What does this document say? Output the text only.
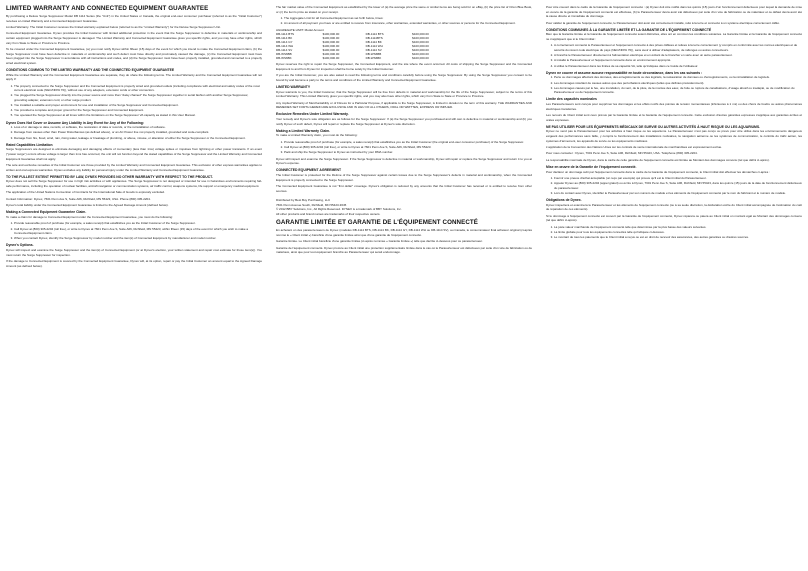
LIMITED WARRANTY AND CONNECTED EQUIPMENT GUARANTEE

By purchasing a Deluxe Surge Suppressor Model DB 1114 Series (the "Unit") in the United States or Canada, the original end-user consumer purchaser (referred to as the "Initial Customer") receives a Limited Warranty and a Connected Equipment Guarantee.

Limited Warranty. The Initial Customer receives the limited warranty explained below (referred to as the "Limited Warranty") for the Deluxe Surge Suppressor Unit.

Connected Equipment Guarantee. Dynex provides the Initial Customer with limited additional protection in the event that the Surge Suppressor is defective in materials or workmanship and certain equipment plugged into the Surge Suppressor is damaged. The Limited Warranty and Connected Equipment Guarantee gives you specific rights, and you may have other rights, which vary from State to State or Province to Province.

To be covered under the Connected Equipment Guarantee, (a) you must notify Dynex within fifteen (15) days of the event for which you intend to make the Connected Equipment claim, (b) the Surge Suppressor must have been defective in materials or workmanship and such defect must have directly and proximately caused the damage, (c) the Connected Equipment must have been plugged into the Surge Suppressor in accordance with all instructions and codes, and (d) the Surge Suppressor must have been properly installed, grounded and connected to a properly wired electrical system.

CONDITIONS COMMON TO THE LIMITED WARRANTY AND THE CONNECTED EQUIPMENT GUARANTEE

While the Limited Warranty and the Connected Equipment Guarantee are separate, they do share the following terms. The Limited Warranty and the Connected Equipment Guarantee will not apply if:

1. The property connected to the Surge Suppressor and the Connected Equipment is properly wired and grounded outlets (including compliance with electrical and safety codes of the most current electrical code (NEC/NFPA 70)), without use of any adapters, extension cords or other connectors.
2. You plugged the Surge Suppressor directly into the power source and more than "daisy chained" the Surge Suppressor together in serial fashion with another Surge Suppressor, grounding adapter, extension cord, or other surge product.
3. You installed a suitable and proper environment for use and installation of the Surge Suppressor and Connected Equipment.
4. You provided a complete and proper ground for the Surge Suppressor and Connected Equipment.
5. You operated the Surge Suppressor at all times within the limitations on the Surge Suppressor VA capacity as stated in this User Manual.
Dynex Does Not Cover or Assume Any Liability in Any Event for Any of the Following:
1. Loss of or damage to data, records, or software, the restoration of data or records, or the reinstallation of software.
2. Damage from causes other than Power Disturbances (as defined above), or an AC Power line not properly installed, grounded and code-compliant.
3. Damage from fire, flood, wind, rain, rising water, leakage or breakage of plumbing, or abuse, misuse, or alteration of either the Surge Suppressor or the Connected Equipment.
Rated Capabilities Limitation

Surge Suppressors are designed to eliminate damaging and damaging effects of momentary (less than 1ms) voltage spikes or impulses from lightning or other power transients. If an event ("power surge") occurs whose voltage is larger than 1ms has occurred, the unit will not function beyond the stated capabilities of the Surge Suppressor and the Limited Warranty and Connected Equipment Guarantee shall not apply.

The sole and exclusive remedies of the Initial Customer are those provided by the Limited Warranty and Connected Equipment Guarantee. This exclusion of other express warranties applies to written and oral express warranties. Dynex excludes any liability for personal injury under the Limited Warranty and Connected Equipment Guarantee.

TO THE FULLEST EXTENT PERMITTED BY LAW, DYNEX PROVIDES NO OTHER WARRANTY WITH RESPECT TO THE PRODUCT.

Dynex does not sell the Surge Suppressor for use in high risk activities or with appliances. The Surge Suppressor is not designed or intended for use in hazardous environments requiring fail-safe performance, including the operation of nuclear facilities, aircraft navigation or communication systems, air traffic control, weapons systems, life support or emergency medical equipment.

The application of the United Nations Convention of Contracts for the International Sale of Goods is expressly excluded.

Contact Information: Dynex, 7601 Penn Ave S, Suite A06, Richfield, MN 55423, USA. Phone (800) 305-2204.

Dynex's total liability under the Connected Equipment Guarantee is limited to the Agreed Damage Amount (defined below).

Making a Connected Equipment Guarantee Claim.

To make a claim for damage to Connected Equipment under the Connected Equipment Guarantee, you must do the following:

1. Provide reasonable proof of purchase (for example, a sales receipt) that establishes you as the Initial Customer of the Surge Suppressor.
2. Call Dynex at (800) 305-2204 (toll free), or write to Dynex at 7601 Penn Ave S, Suite A06, Richfield, MN 55423, within fifteen (15) days of the event for which you wish to make a Connected Equipment claim.
3. When you contact Dynex, identify the Surge Suppressor by model number and the item(s) of Connected Equipment by manufacturer and model number.
Dynex's Options.

Dynex will inspect and examine the Surge Suppressor and the item(s) of Connected Equipment (or at Dynex's election, your written statement and repair cost estimate for those item(s)). You must return the Surge Suppressor for inspection.

If the damage to Connected Equipment is covered by the Connected Equipment Guarantee, Dynex will, at its option, repair or pay the Initial Customer an amount equal to the Agreed Damage Amount (as defined below).

The fair market value of the Connected Equipment as established by the lower of (a) the average price the same or similar items are being sold for on eBay, (b) the price list of Orion Blue Book, or (c) the item's price as stated on your receipt.

1. The Aggregate Limit for all Connected Equipment as set forth below, times:
2. An amount of all payment you have or are entitled to receive from insurance, other warranties, extended warranties, or other sources or persons for the Connected Equipment.
AGGREGATE LIMIT: Model Amount
DB-1114 BTS	$100,000.00	DB-1114 BTS	$100,000.00
DB-1114 BK	$100,000.00	DB-1114BTS	$100,000.00
DB-1114 GY	$100,000.00	DB-1114 BK	$100,000.00
DB-1114 WH	$100,000.00	DB-1114 WH	$100,000.00
DB-1114 SV	$100,000.00	DB-1114 SV	$100,000.00
DB-WS6BB	$100,000.00	DB-WS6BB	$100,000.00
DB-WS6BK	$100,000.00	DB-WS6BK	$100,000.00

Dynex reserves the right to repair the Surge Suppressor, the Connected Equipment, and the site where the event occurred. All costs of shipping the Surge Suppressor and the Connected Equipment to and from Dynex for inspection shall be borne solely by the Initial Customer.

If you are the Initial Customer, you are also asked to read the following terms and conditions carefully before using the Surge Suppressor. By using the Surge Suppressor you consent to be bound by and become a party to the terms and conditions of the Limited Warranty and Connected Equipment Guarantee.

LIMITED WARRANTY

Dynex warrants to you, the Initial Customer, that the Surge Suppressor will be free from defects in material and workmanship for the life of the Surge Suppressor, subject to the terms of this Limited Warranty. This Limited Warranty gives you specific rights, and you may also have other rights, which vary from State to State or Province to Province.

Any implied Warranty of Merchantability or of Fitness for a Particular Purpose, if applicable to the Surge Suppressor, is limited in duration to the term of this warranty. THE WARRANTIES AND REMEDIES SET FORTH HEREIN ARE EXCLUSIVE AND IN LIEU OF ALL OTHERS, ORAL OR WRITTEN, EXPRESS OR IMPLIED.

Exclusive Remedies Under Limited Warranty.

Your remedy and Dynex's sole obligation are as follows for the Surge Suppressor: If (a) the Surge Suppressor you purchased and still own is defective in material or workmanship and (b) you notify Dynex of such defect, Dynex will repair or replace the Surge Suppressor at Dynex's sole discretion.

Making a Limited Warranty Claim.

To make a Limited Warranty claim, you must do the following:

1. Provide reasonable proof of purchase (for example, a sales receipt) that establishes you as the Initial Customer (the original end-user consumer purchaser) of the Surge Suppressor.
2. Call Dynex at (800) 305-2204 (toll free), or write to Dynex at 7601 Penn Ave S, Suite A06, Richfield, MN 55423.
3. Pack and ship the Surge Suppressor to Dynex as instructed by your RMA number.

Dynex will inspect and examine the Surge Suppressor. If the Surge Suppressor is defective in material or workmanship, Dynex will repair or replace the Surge Suppressor and return it to you at Dynex's expense.

CONNECTED EQUIPMENT AGREEMENT

The Initial Customer is protected for the lifetime of the Surge Suppressor against certain losses due to the Surge Suppressor's defects in material and workmanship, when the Connected Equipment is properly connected to the Surge Suppressor.

The Connected Equipment Guarantee is not "first dollar" coverage. Dynex's obligation is reduced by any amounts that the Initial Customer has received or is entitled to receive from other sources.

Distributed by Best Buy Purchasing, LLC
7601 Penn Avenue South, Richfield, MN 55423-3645
© 2012 BBY Solutions, Inc., All Rights Reserved. DYNEX is a trademark of BBY Solutions, Inc.
All other products and brand names are trademarks of their respective owners.
GARANTIE LIMITÉE ET GARANTIE DE L'ÉQUIPEMENT CONNECTÉ

En achetant un des parasurtenseurs de Dynex (modèles DB-1114 BTS, DB-1114 BK, DB-1114 GY, DB-1114 WH ou DB-1114 SV), au Canada, le consommateur final acheteur original (ci-après nommé le « Client initial ») bénéficie d'une garantie limitée ainsi que d'une garantie de l'équipement connecté.

Garantie limitée. Le Client initial bénéficie d'une garantie limitée (ci-après nommée « Garantie limitée ») telle que décrite ci-dessous pour ce parasurtenseur.

Garantie de l'équipement connecté. Dynex procure au Client initial une protection supplémentaire limitée dans le cas où le Parasurtenseur est défectueux par suite d'un vice de fabrication ou de matériaux, ainsi que pour tout équipement branché au Parasurtenseur qui serait endommagé.

Pour être couvert dans le cadre de la Garantie de l'équipement connecté : (a) Dynex doit être notifié dans les quinze (15) jours d'un fonctionnement défectueux pour lequel la demande de mise en œuvre de la garantie de l'équipement connecté est effectuée, (b) le Parasurtenseur devra avoir été défectueux par suite d'un vice de fabrication ou de matériaux et ce défaut devra avoir été la cause directe et immédiate du dommage.

Pour valider la garantie de l'équipement connecté, le Parasurtenseur doit avoir été correctement installé, relié à la terre et connecté à un système électrique correctement câblé.

CONDITIONS COMMUNES À LA GARANTIE LIMITÉE ET LA GARANTIE DE L'ÉQUIPEMENT CONNECTÉ

Bien que la Garantie limitée et la Garantie de l'équipement connecté soient distinctes, elles ont en commun les conditions suivantes. La Garantie limitée et la Garantie de l'équipement connecté ne s'appliquent que si le Client initial :

1. A correctement connecté le Parasurtenseur et l'équipement connecté à des prises câblées et reliées à la terre correctement (y compris en conformité avec les normes électriques et de sécurité du récent code électrique du pays (NEC/NFPA 70)), sans avoir à utiliser d'adaptateurs, de rallonges ou autres connecteurs.
2. A branché le Parasurtenseur directement à l'alimentation électrique et en évitant de le brancher en série avec un autre parasurtenseur.
3. A installé le Parasurtenseur et l'équipement connecté dans un environnement approprié.
4. A utilisé le Parasurtenseur dans les limites de sa capacité VA, telle qu'indiquée dans ce Guide de l'utilisateur.
Dynex ne couvre et assume aucune responsabilité en toute circonstance, dans les cas suivants :
1. Perte ou dommages affectant des données, des enregistrements ou des logiciels, la restauration de données ou d'enregistrements, ou la réinstallation de logiciels.
2. Les dommages résultant de causes autres que des perturbations électriques (telles que définies précédemment).
3. Les dommages causés par le feu, une inondation, du vent, de la pluie, de la montée des eaux, de fuite ou rupture de canalisations, d'usage abusif ou inadapté, ou de modification du Parasurtenseur ou de l'équipement connecté.
Limite des capacités nominales

Les Parasurtenseurs sont conçus pour supprimer les dommages et les effets nocifs des pointes de tension momentanées (inférieures à 1 ms) ou des chocs de foudre ou autres phénomènes électriques transitoires.

Les recours du Client initial sont ceux prévus par la Garantie limitée et la Garantie de l'équipement connecté. Cette exclusion d'autres garanties expresses s'applique aux garanties écrites et orales expresses.

NE PAS UTILISER POUR LES ÉQUIPEMENTS MÉDICAUX DE SURVIE OU AUTRES ACTIVITÉS À HAUT RISQUE OU LES AQUARIUMS.

Dynex ne vend pas le Parasurtenseur pour les activités à haut risque ou les aquariums. Le Parasurtenseur n'est pas conçu ou prévu pour être utilisé dans les environnements dangereux exigeant des performances sans faille, y compris le fonctionnement des installations nucléaires, la navigation aérienne ou les systèmes de communication, le contrôle du trafic aérien, les systèmes d'armement, les appareils de survie ou les équipements médicaux.

L'application de la Convention des Nations Unies sur les contrats de vente internationale de marchandises est expressément exclue.

Pour nous contacter : Dynex, 7601 Penn Ave S, Suite A06, Richfield, MN 55423, USA. Téléphone (800) 305-2204.

La responsabilité maximale de Dynex, dans le cadre de cette garantie de l'équipement connecté est limitée au Montant des dommages convenu (tel que défini ci-après).

Mise en œuvre de la Garantie de l'équipement connecté.

Pour déclarer un dommage subi par l'équipement connecté dans le cadre de la Garantie de l'équipement connecté, le Client initial doit effectuer les démarches ci-après :

1. Fournir une preuve d'achat acceptable (un reçu par exemple) qui prouve qu'il est le Client initial du Parasurtenseur.
2. Appeler Dynex au (800) 305-2204 (appel gratuit) ou écrire à Dynex, 7601 Penn Ave S, Suite A06, Richfield, MN 55423, dans les quinze (15) jours de la date de fonctionnement défectueux du parasurtenseur.
3. Lors du contact avec Dynex, identifier le Parasurtenseur par son numéro de modèle et les éléments de l'équipement connecté par le nom du fabricant et le numéro de modèle.
Obligations de Dynex.

Dynex inspectera et examinera le Parasurtenseur et les éléments de l'équipement connecté (ou à sa seule discrétion, la déclaration écrite du Client initial accompagnée de l'estimation du coût de réparation de ces éléments).

Si le dommage à l'équipement connecté est couvert par la Garantie de l'équipement connecté, Dynex réparera ou paiera au Client initial un montant égal au Montant des dommages convenu (tel que défini ci-après).

1. La juste valeur marchande de l'équipement connecté telle que déterminée par la plus basse des valeurs suivantes.
2. La limite globale pour tous les équipements connectés telle qu'indiquée ci-dessous.
3. Le montant de tous les paiements que le Client initial a reçus ou est en droit de recevoir des assurances, des autres garanties ou d'autres sources.
